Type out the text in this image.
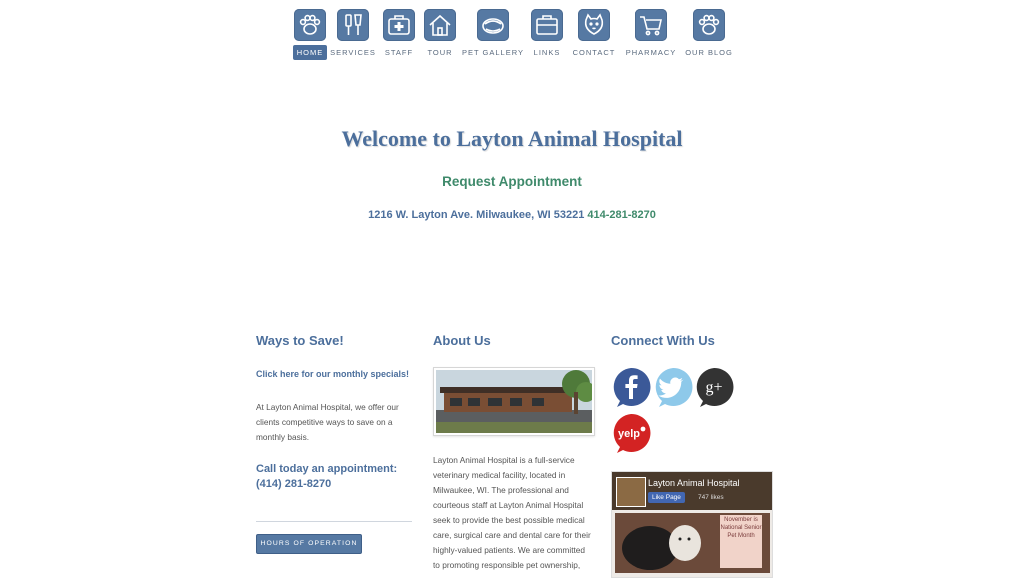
HOME SERVICES	STAFF	TOUR	PET GALLERY	LINKS	CONTACT	PHARMACY	OUR BLOG
Welcome to Layton Animal Hospital
Request Appointment
1216 W. Layton Ave. Milwaukee, WI 53221 414-281-8270
Ways to Save!
Click here for our monthly specials!
At Layton Animal Hospital, we offer our clients competitive ways to save on a monthly basis.
Call today an appointment: (414) 281-8270
HOURS OF OPERATION
About Us
Layton Animal Hospital is a full-service veterinary medical facility, located in Milwaukee, WI. The professional and courteous staff at Layton Animal Hospital seek to provide the best possible medical care, surgical care and dental care for their highly-valued patients. We are committed to promoting responsible pet ownership,
Connect With Us
g+
yelp
Layton Animal Hospital
Like Page	747 likes
November is National Senior Pet Month
